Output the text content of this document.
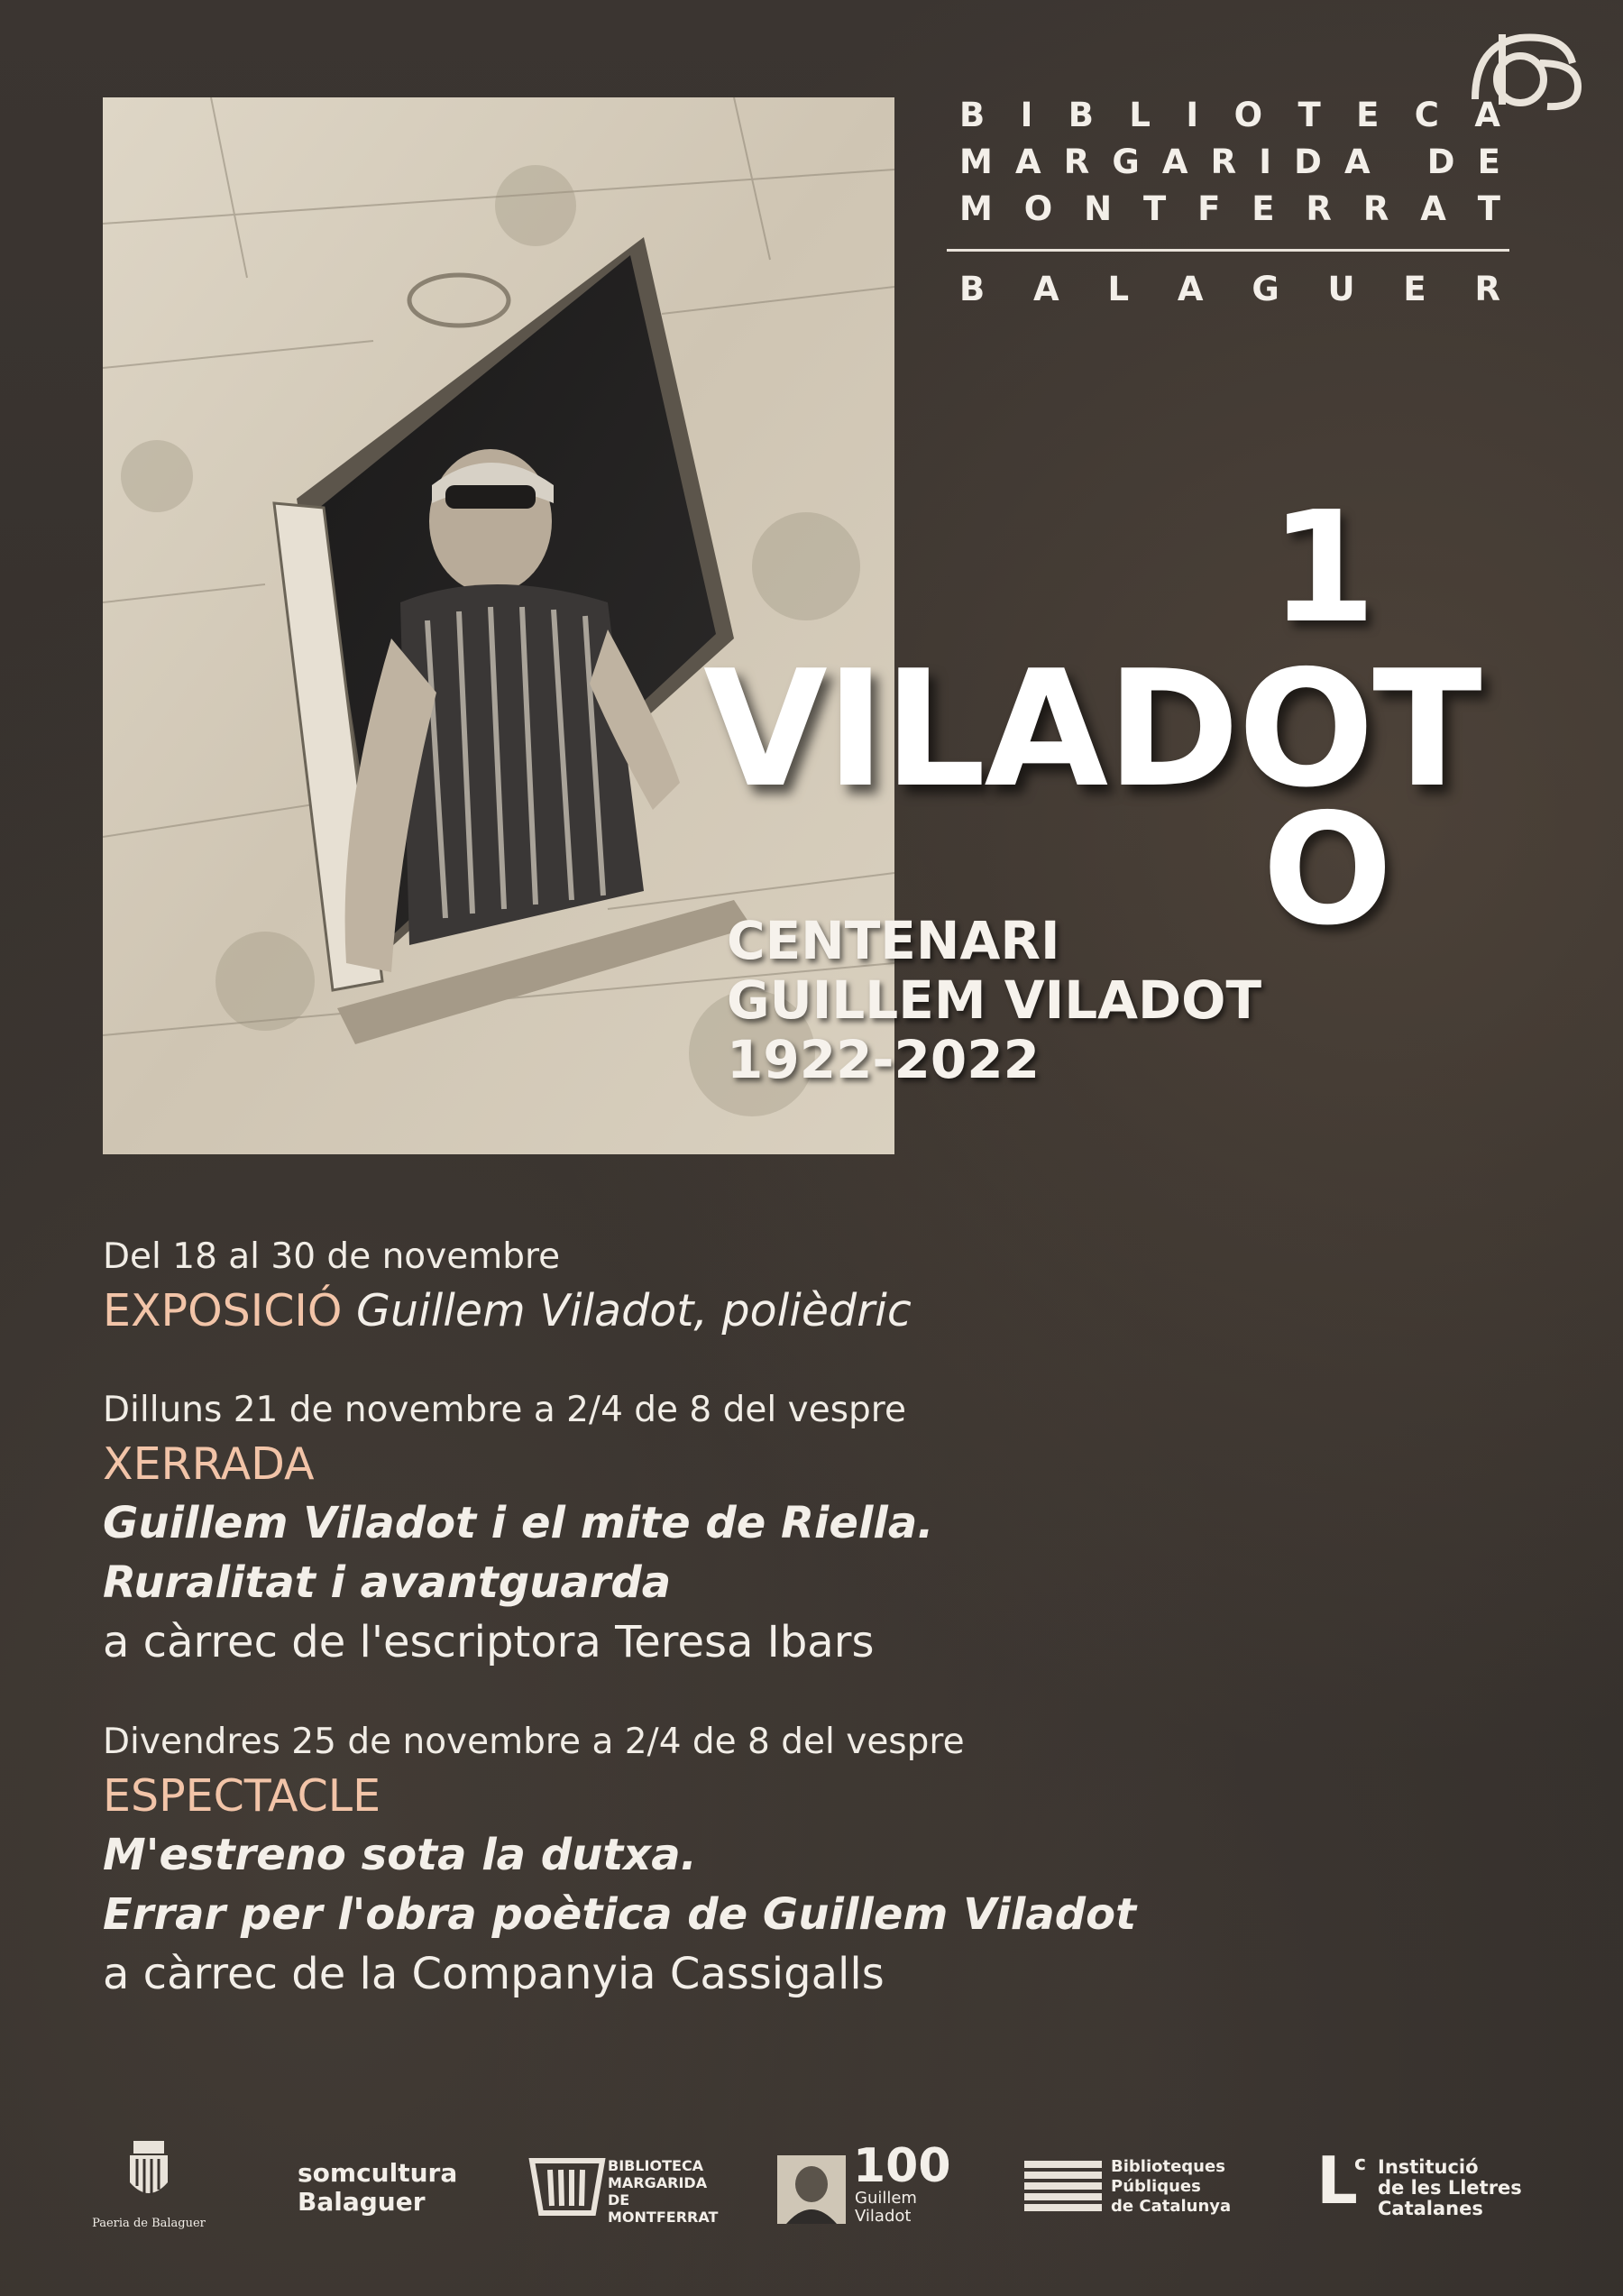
B I B L I O T E C A
M A R G A R I D A
D E
M O N T F E R R A T
B A L A G U E R
1
VILADOT
O
CENTENARI
GUILLEM VILADOT
1922-2022
Del 18 al 30 de novembre
EXPOSICIÓ Guillem Viladot, polièdric
Dilluns 21 de novembre a 2/4 de 8 del vespre
XERRADA
Guillem Viladot i el mite de Riella.
Ruralitat i avantguarda
a càrrec de l'escriptora Teresa Ibars
Divendres 25 de novembre a 2/4 de 8 del vespre
ESPECTACLE
M'estreno sota la dutxa.
Errar per l'obra poètica de Guillem Viladot
a càrrec de la Companyia Cassigalls
Paeria de Balaguer
somcultura
Balaguer
BIBLIOTECA
MARGARIDA
DE MONTFERRAT
100
Guillem
Viladot
Biblioteques
Públiques
de Catalunya	L
c Institució
de les Lletres
Catalanes
